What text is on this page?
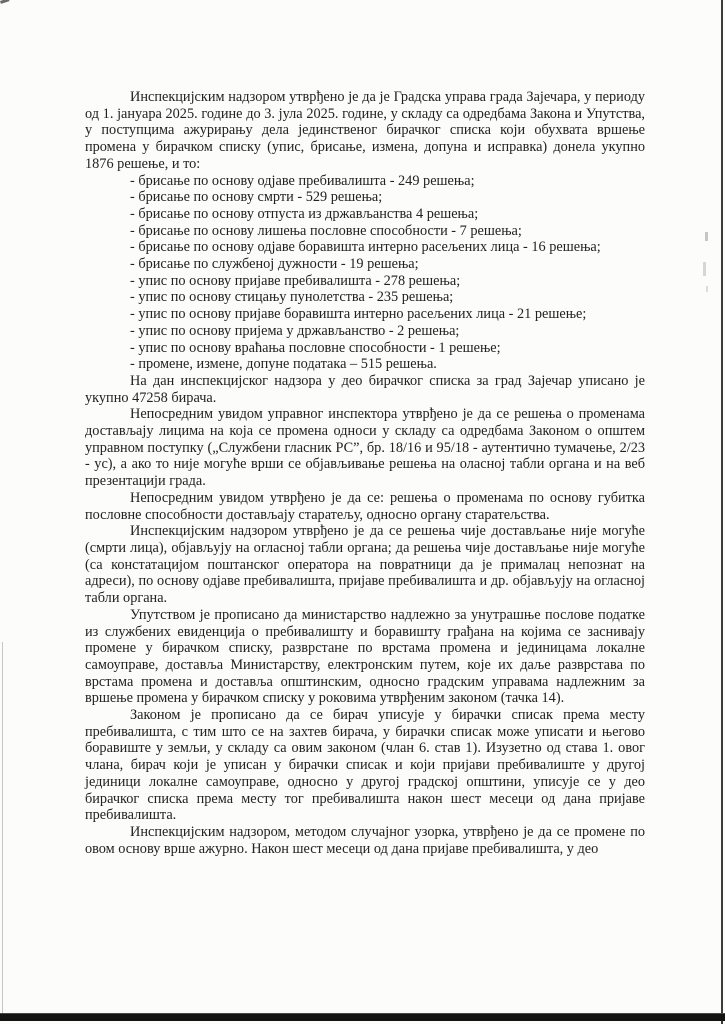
Инспекцијским надзором утврђено је да је Градска управа града Зајечара, у периоду од 1. јануара 2025. године до 3. јула 2025. године, у складу са одредбама Закона и Упутства, у поступцима ажурирању дела јединственог бирачког списка који обухвата вршење промена у бирачком списку (упис, брисање, измена, допуна и исправка) донела укупно 1876 решење, и то:
- брисање по основу одјаве пребивалишта - 249 решења;
- брисање по основу смрти - 529 решења;
- брисање по основу отпуста из држављанства 4 решења;
- брисање по основу лишења пословне способности - 7 решења;
- брисање по основу одјаве боравишта интерно расељених лица - 16 решења;
- брисање по службеној дужности - 19 решења;
- упис по основу пријаве пребивалишта - 278 решења;
- упис по основу стицању пунолетства - 235 решења;
- упис по основу пријаве боравишта интерно расељених лица - 21 решење;
- упис по основу пријема у држављанство - 2 решења;
- упис по основу враћања пословне способности - 1 решење;
- промене, измене, допуне података – 515 решења.
На дан инспекцијског надзора у део бирачког списка за град Зајечар уписано је укупно 47258 бирача.
Непосредним увидом управног инспектора утврђено је да се решења о променама достављају лицима на која се промена односи у складу са одредбама Законом о општем управном поступку („Службени гласник РС”, бр. 18/16 и 95/18 - аутентично тумачење, 2/23 - ус), а ако то није могуће врши се објављивање решења на оласној табли органа и на веб презентацији града.
Непосредним увидом утврђено је да се: решења о променама по основу губитка пословне способности достављају старатељу, односно органу старатељства.
Инспекцијским надзором утврђено је да се решења чије достављање није могуће (смрти лица), објављују на огласној табли органа; да решења чије достављање није могуће (са констатацијом поштанског оператора на повратници да је прималац непознат на адреси), по основу одјаве пребивалишта, пријаве пребивалишта и др. објављују на огласној табли органа.
Упутством је прописано да министарство надлежно за унутрашње послове податке из службених евиденција о пребивалишту и боравишту грађана на којима се заснивају промене у бирачком списку, разврстане по врстама промена и јединицама локалне самоуправе, доставља Министарству, електронским путем, које их даље разврстава по врстама промена и доставља општинским, односно градским управама надлежним за вршење промена у бирачком списку у роковима утврђеним законом (тачка 14).
Законом је прописано да се бирач уписује у бирачки списак према месту пребивалишта, с тим што се на захтев бирача, у бирачки списак може уписати и његово боравиште у земљи, у складу са овим законом (члан 6. став 1). Изузетно од става 1. овог члана, бирач који је уписан у бирачки списак и који пријави пребивалиште у другој јединици локалне самоуправе, односно у другој градској општини, уписује се у део бирачког списка према месту тог пребивалишта након шест месеци од дана пријаве пребивалишта.
Инспекцијским надзором, методом случајног узорка, утврђено је да се промене по овом основу врше ажурно. Након шест месеци од дана пријаве пребивалишта, у део
